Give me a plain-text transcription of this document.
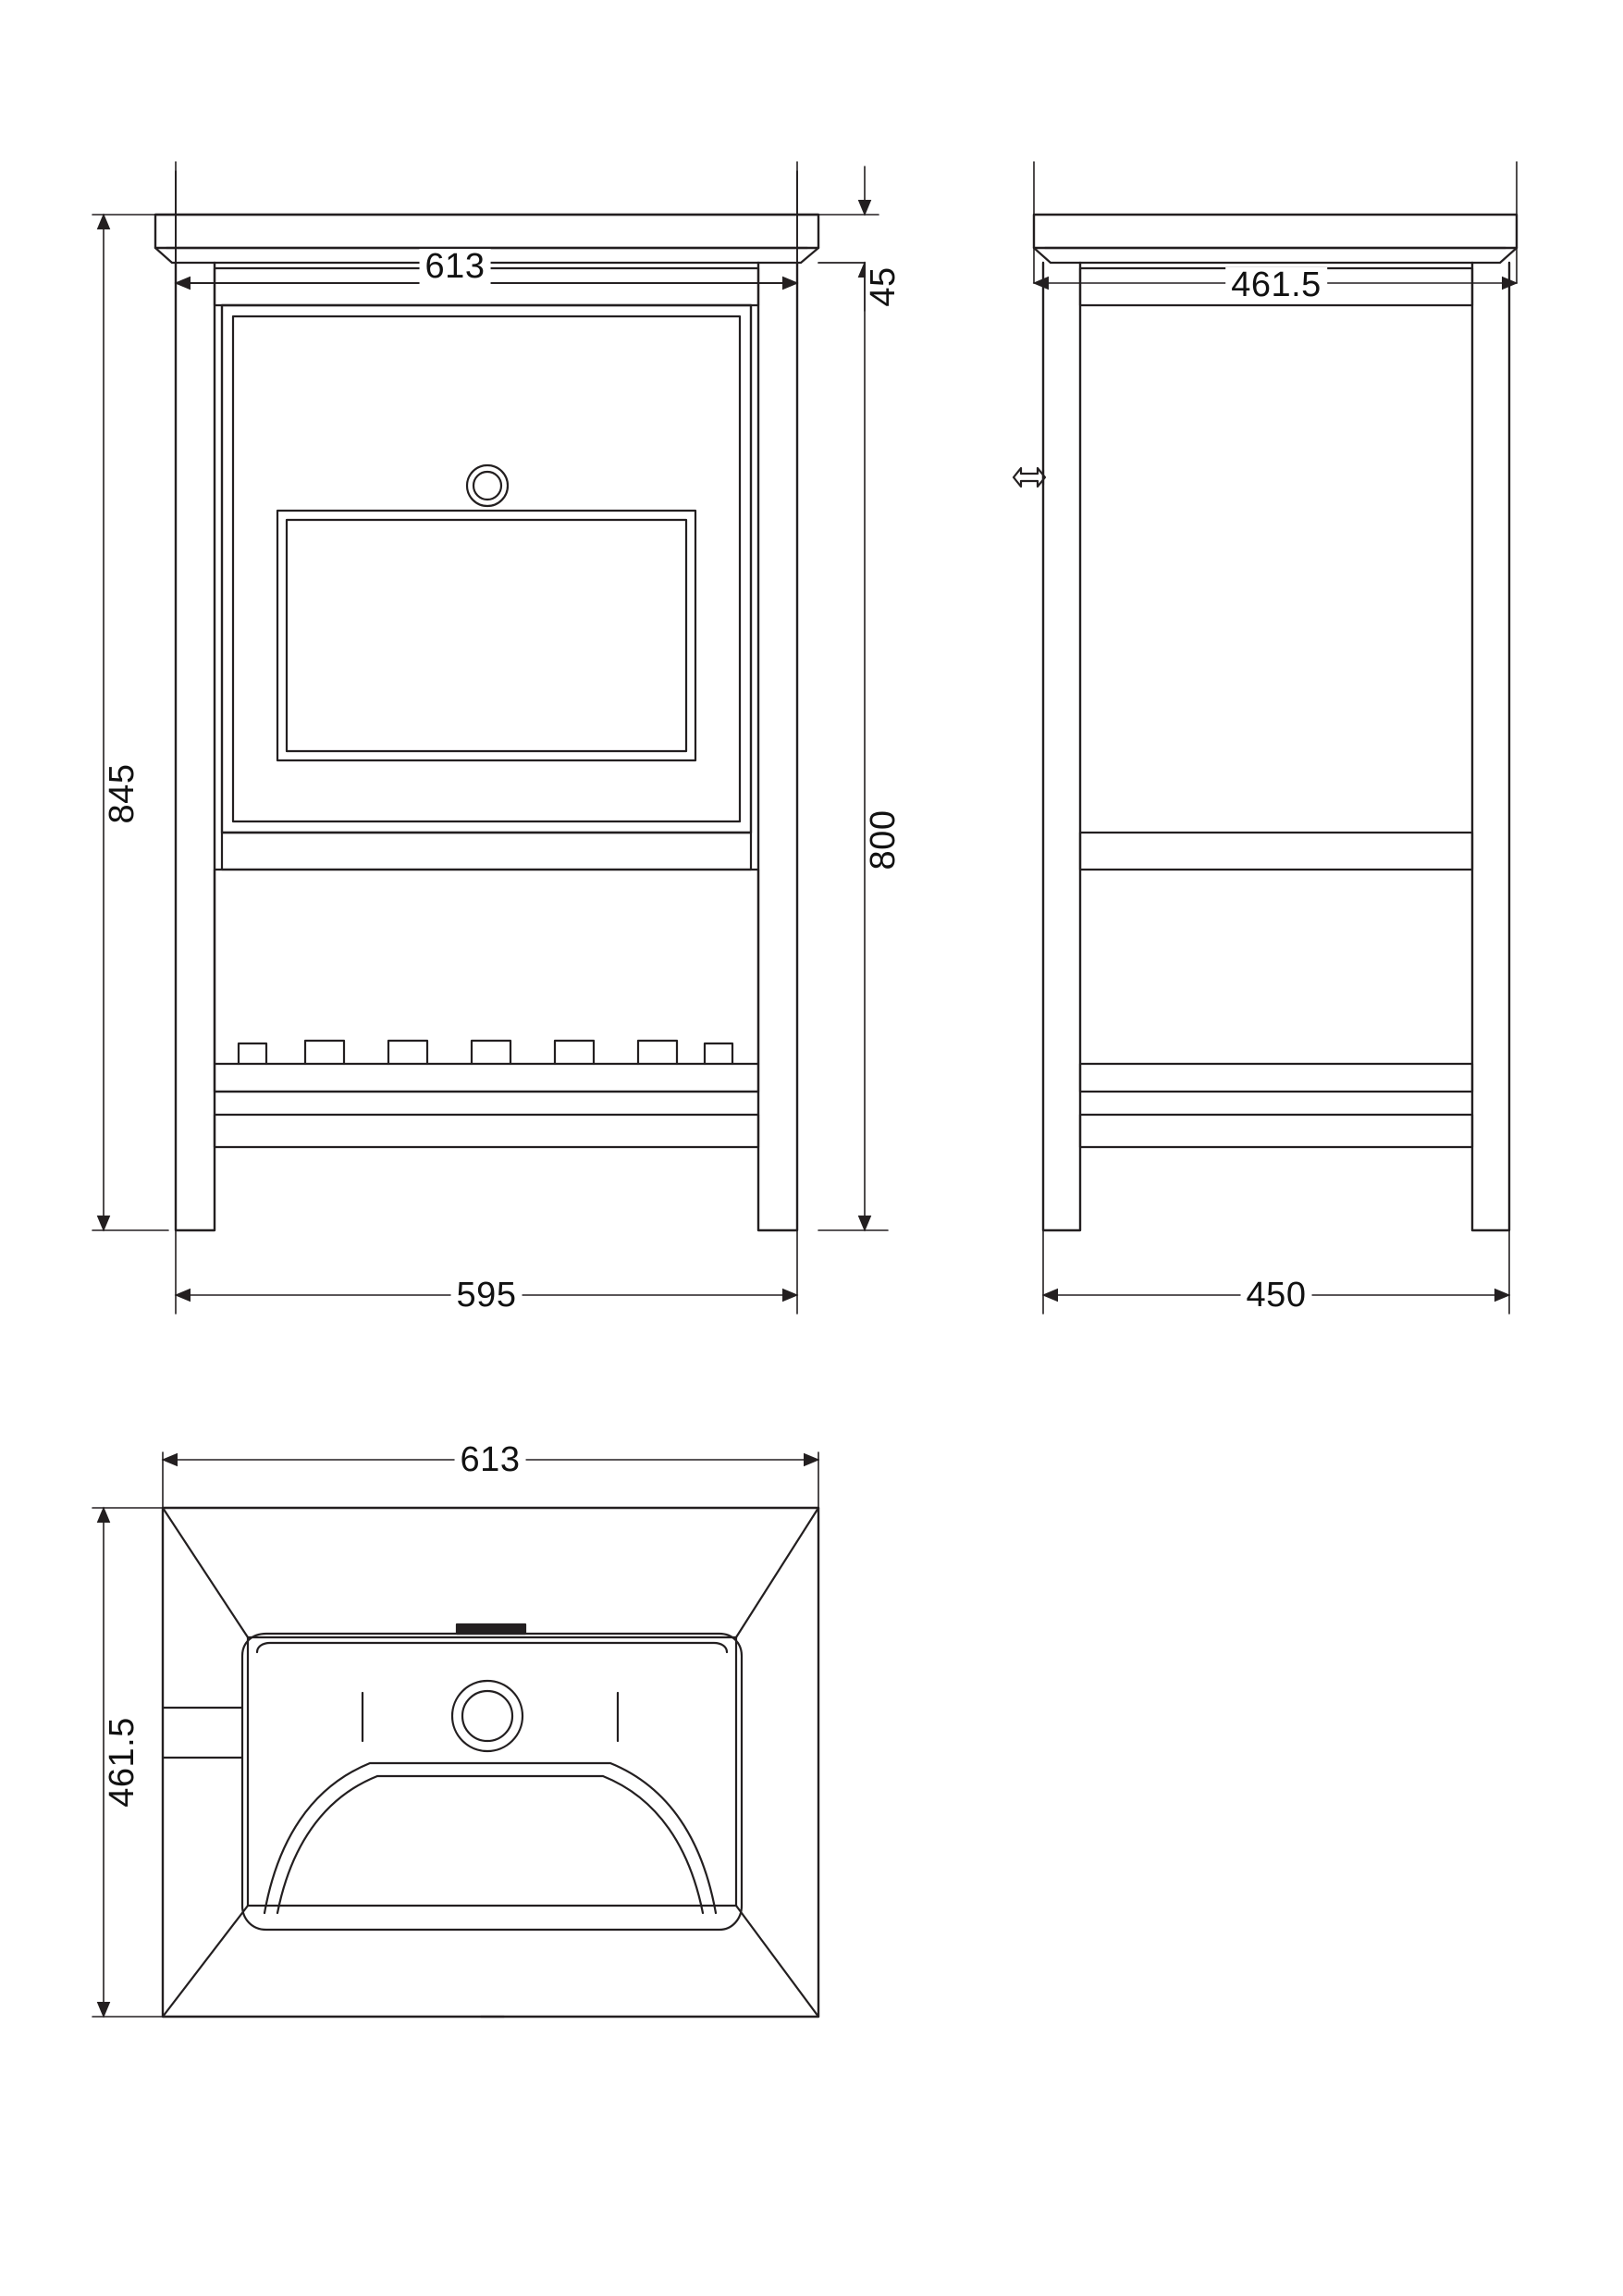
613
45
845
800
595
461.5
450
613
461.5
